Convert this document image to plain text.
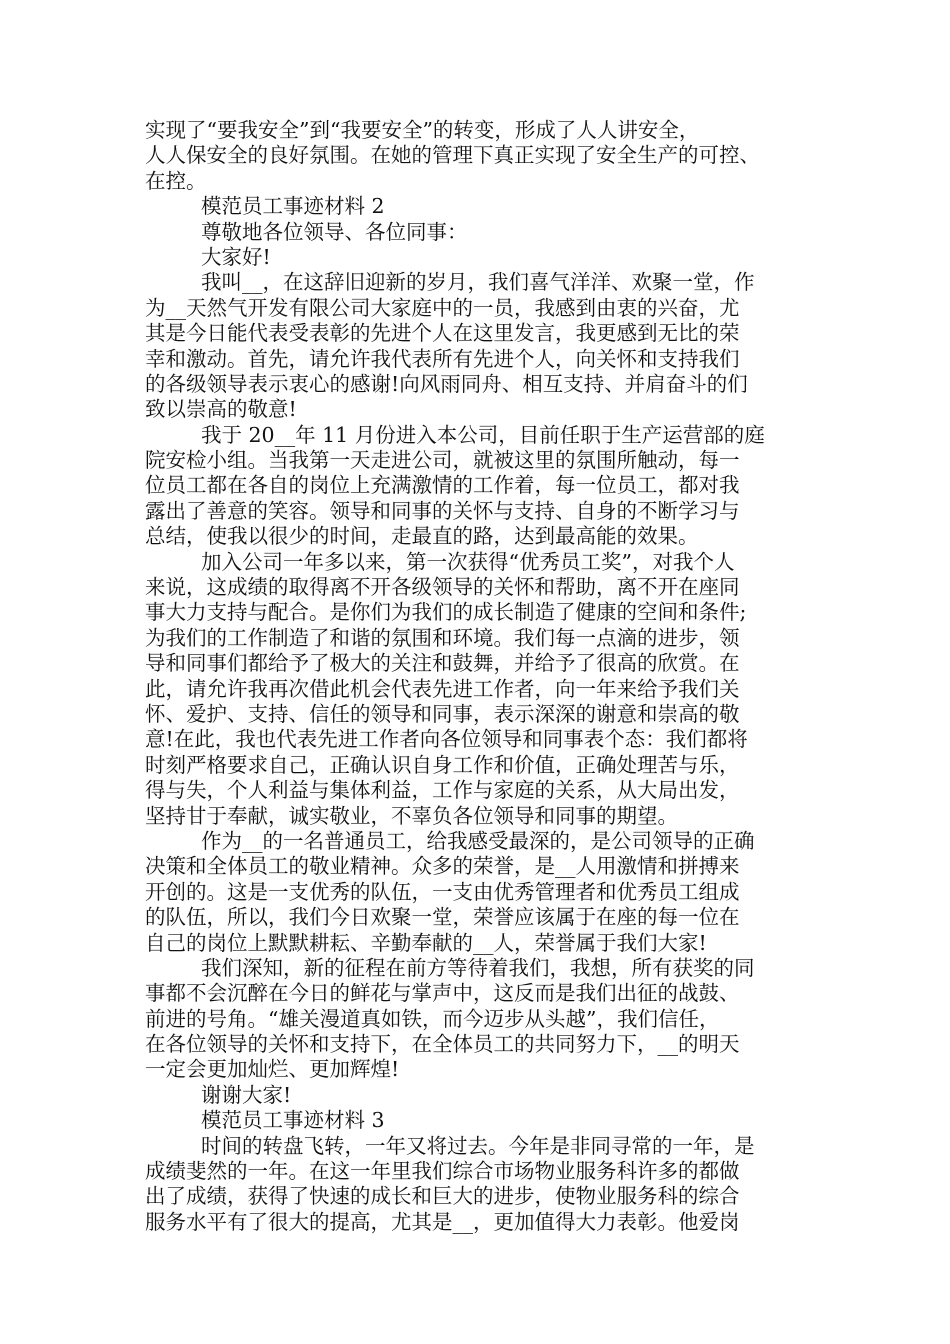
实现了“要我安全”到“我要安全”的转变，形成了人人讲安全，
人人保安全的良好氛围。在她的管理下真正实现了安全生产的可控、
在控。
模范员工事迹材料 2
尊敬地各位领导、各位同事：
大家好!
我叫__，在这辞旧迎新的岁月，我们喜气洋洋、欢聚一堂，作
为__天然气开发有限公司大家庭中的一员，我感到由衷的兴奋，尤
其是今日能代表受表彰的先进个人在这里发言，我更感到无比的荣
幸和激动。首先，请允许我代表所有先进个人，向关怀和支持我们
的各级领导表示衷心的感谢!向风雨同舟、相互支持、并肩奋斗的们
致以崇高的敬意!
我于 20__年 11 月份进入本公司，目前任职于生产运营部的庭
院安检小组。当我第一天走进公司，就被这里的氛围所触动，每一
位员工都在各自的岗位上充满激情的工作着，每一位员工，都对我
露出了善意的笑容。领导和同事的关怀与支持、自身的不断学习与
总结，使我以很少的时间，走最直的路，达到最高能的效果。
加入公司一年多以来，第一次获得“优秀员工奖”，对我个人
来说，这成绩的取得离不开各级领导的关怀和帮助，离不开在座同
事大力支持与配合。是你们为我们的成长制造了健康的空间和条件;
为我们的工作制造了和谐的氛围和环境。我们每一点滴的进步，领
导和同事们都给予了极大的关注和鼓舞，并给予了很高的欣赏。在
此，请允许我再次借此机会代表先进工作者，向一年来给予我们关
怀、爱护、支持、信任的领导和同事，表示深深的谢意和崇高的敬
意!在此，我也代表先进工作者向各位领导和同事表个态：我们都将
时刻严格要求自己，正确认识自身工作和价值，正确处理苦与乐，
得与失，个人利益与集体利益，工作与家庭的关系，从大局出发，
坚持甘于奉献，诚实敬业，不辜负各位领导和同事的期望。
作为__的一名普通员工，给我感受最深的，是公司领导的正确
决策和全体员工的敬业精神。众多的荣誉，是__人用激情和拼搏来
开创的。这是一支优秀的队伍，一支由优秀管理者和优秀员工组成
的队伍，所以，我们今日欢聚一堂，荣誉应该属于在座的每一位在
自己的岗位上默默耕耘、辛勤奉献的__人，荣誉属于我们大家!
我们深知，新的征程在前方等待着我们，我想，所有获奖的同
事都不会沉醉在今日的鲜花与掌声中，这反而是我们出征的战鼓、
前进的号角。“雄关漫道真如铁，而今迈步从头越”，我们信任，
在各位领导的关怀和支持下，在全体员工的共同努力下，__的明天
一定会更加灿烂、更加辉煌!
谢谢大家!
模范员工事迹材料 3
时间的转盘飞转，一年又将过去。今年是非同寻常的一年，是
成绩斐然的一年。在这一年里我们综合市场物业服务科许多的都做
出了成绩，获得了快速的成长和巨大的进步，使物业服务科的综合
服务水平有了很大的提高，尤其是__，更加值得大力表彰。他爱岗
